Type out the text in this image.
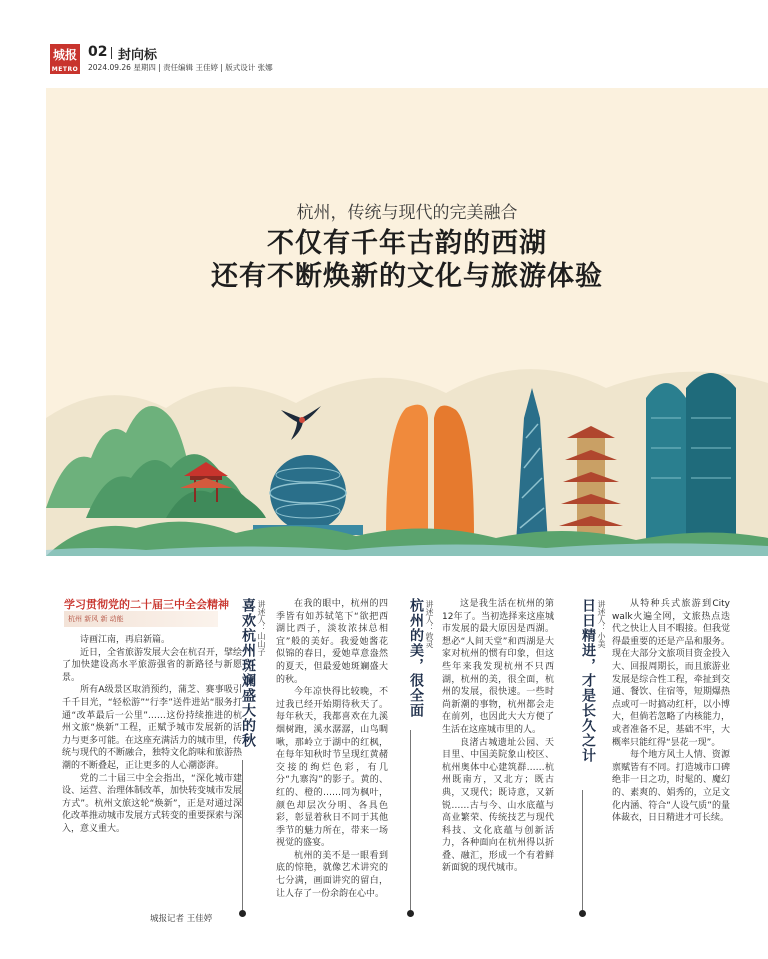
城报
METRO
02 封向标
2024.09.26 星期四 | 责任编辑 王佳婷 | 版式设计 张娜
杭州，传统与现代的完美融合
不仅有千年古韵的西湖
还有不断焕新的文化与旅游体验
学习贯彻党的二十届三中全会精神
杭州 新风 新 动能

诗画江南，再启新篇。

近日，全省旅游发展大会在杭召开，擘绘了加快建设高水平旅游强省的新路径与新愿景。

所有A级景区取消预约，蒲芝、赛事吸引千千目光，“轻松游”“行李”送件进站“服务打通“改革最后一公里”……这份持续推进的杭州文旅“焕新”工程，正赋予城市发展新的活力与更多可能。在这座充满活力的城市里，传统与现代的不断融合，独特文化韵味和旅游热潮的不断叠起，正让更多的人心潮澎湃。

党的二十届三中全会指出，“深化城市建设、运营、治理体制改革，加快转变城市发展方式”。杭州文旅这轮“焕新”，正是对通过深化改革推动城市发展方式转变的重要探索与深入，意义重大。

城报记者 王佳婷
喜欢杭州斑斓盛大的秋 讲述人：山山子	在我的眼中，杭州的四季皆有如苏轼笔下“欲把西湖比西子，淡妆浓抹总相宜”般的美好。我爱她酱花似锦的春日，爱她草意盎然的夏天，但最爱她斑斓盛大的秋。

今年凉快得比较晚，不过我已经开始期待秋天了。每年秋天，我都喜欢在九溪烟树跑，溪水潺潺，山鸟啁啾，那岭立于湖中的红枫，在每年知秋时节呈现红黄赭交接的绚烂色彩，有几分“九寨沟”的影子。黄的、红的、橙的……同为枫叶，颜色却层次分明、各具色彩，彰显着秋日不同于其他季节的魅力所在，带来一场视觉的盛宴。

杭州的美不是一眼看到底的惊艳，就像艺术讲究的七分满，画面讲究的留白，让人存了一份余韵在心中。

杭州的美，很全面 讲述人：敦灵	这是我生活在杭州的第12年了。当初选择来这座城市发展的最大原因是西湖。想必“人间天堂”和西湖是大家对杭州的惯有印象，但这些年来我发现杭州不只西湖，杭州的美，很全面，杭州的发展，很快速。一些时尚新潮的事物，杭州都会走在前列，也因此大大方便了生活在这座城市里的人。

良渚古城遗址公园、天目里、中国美院象山校区、杭州奥体中心建筑群……杭州既南方，又北方；既古典，又现代；既诗意，又新锐……古与今、山水底蕴与高业繁荣、传统技艺与现代科技、文化底蕴与创新活力，各种面向在杭州得以折叠、融汇，形成一个有着鲜新面貌的现代城市。

日日精进，才是长久之计 讲述人：小美	从特种兵式旅游到City walk火遍全网，文旅热点迭代之快让人目不暇接。但我觉得最重要的还是产品和服务。现在大部分文旅项目资金投入大、回报周期长，而且旅游业发展是综合性工程，牵扯到交通、餐饮、住宿等，短期爆热点或可一时搞动红杆，以小博大，但倘若忽略了内核能力，或者准备不足，基础不牢，大概率只能红得“昙花一现”。

每个地方风土人情、资源禀赋皆有不同。打造城市口碑绝非一日之功，时髦的、魔幻的、素爽的、娟秀的，立足文化内涵、符合“人设气质”的量体裁衣，日日精进才可长续。
